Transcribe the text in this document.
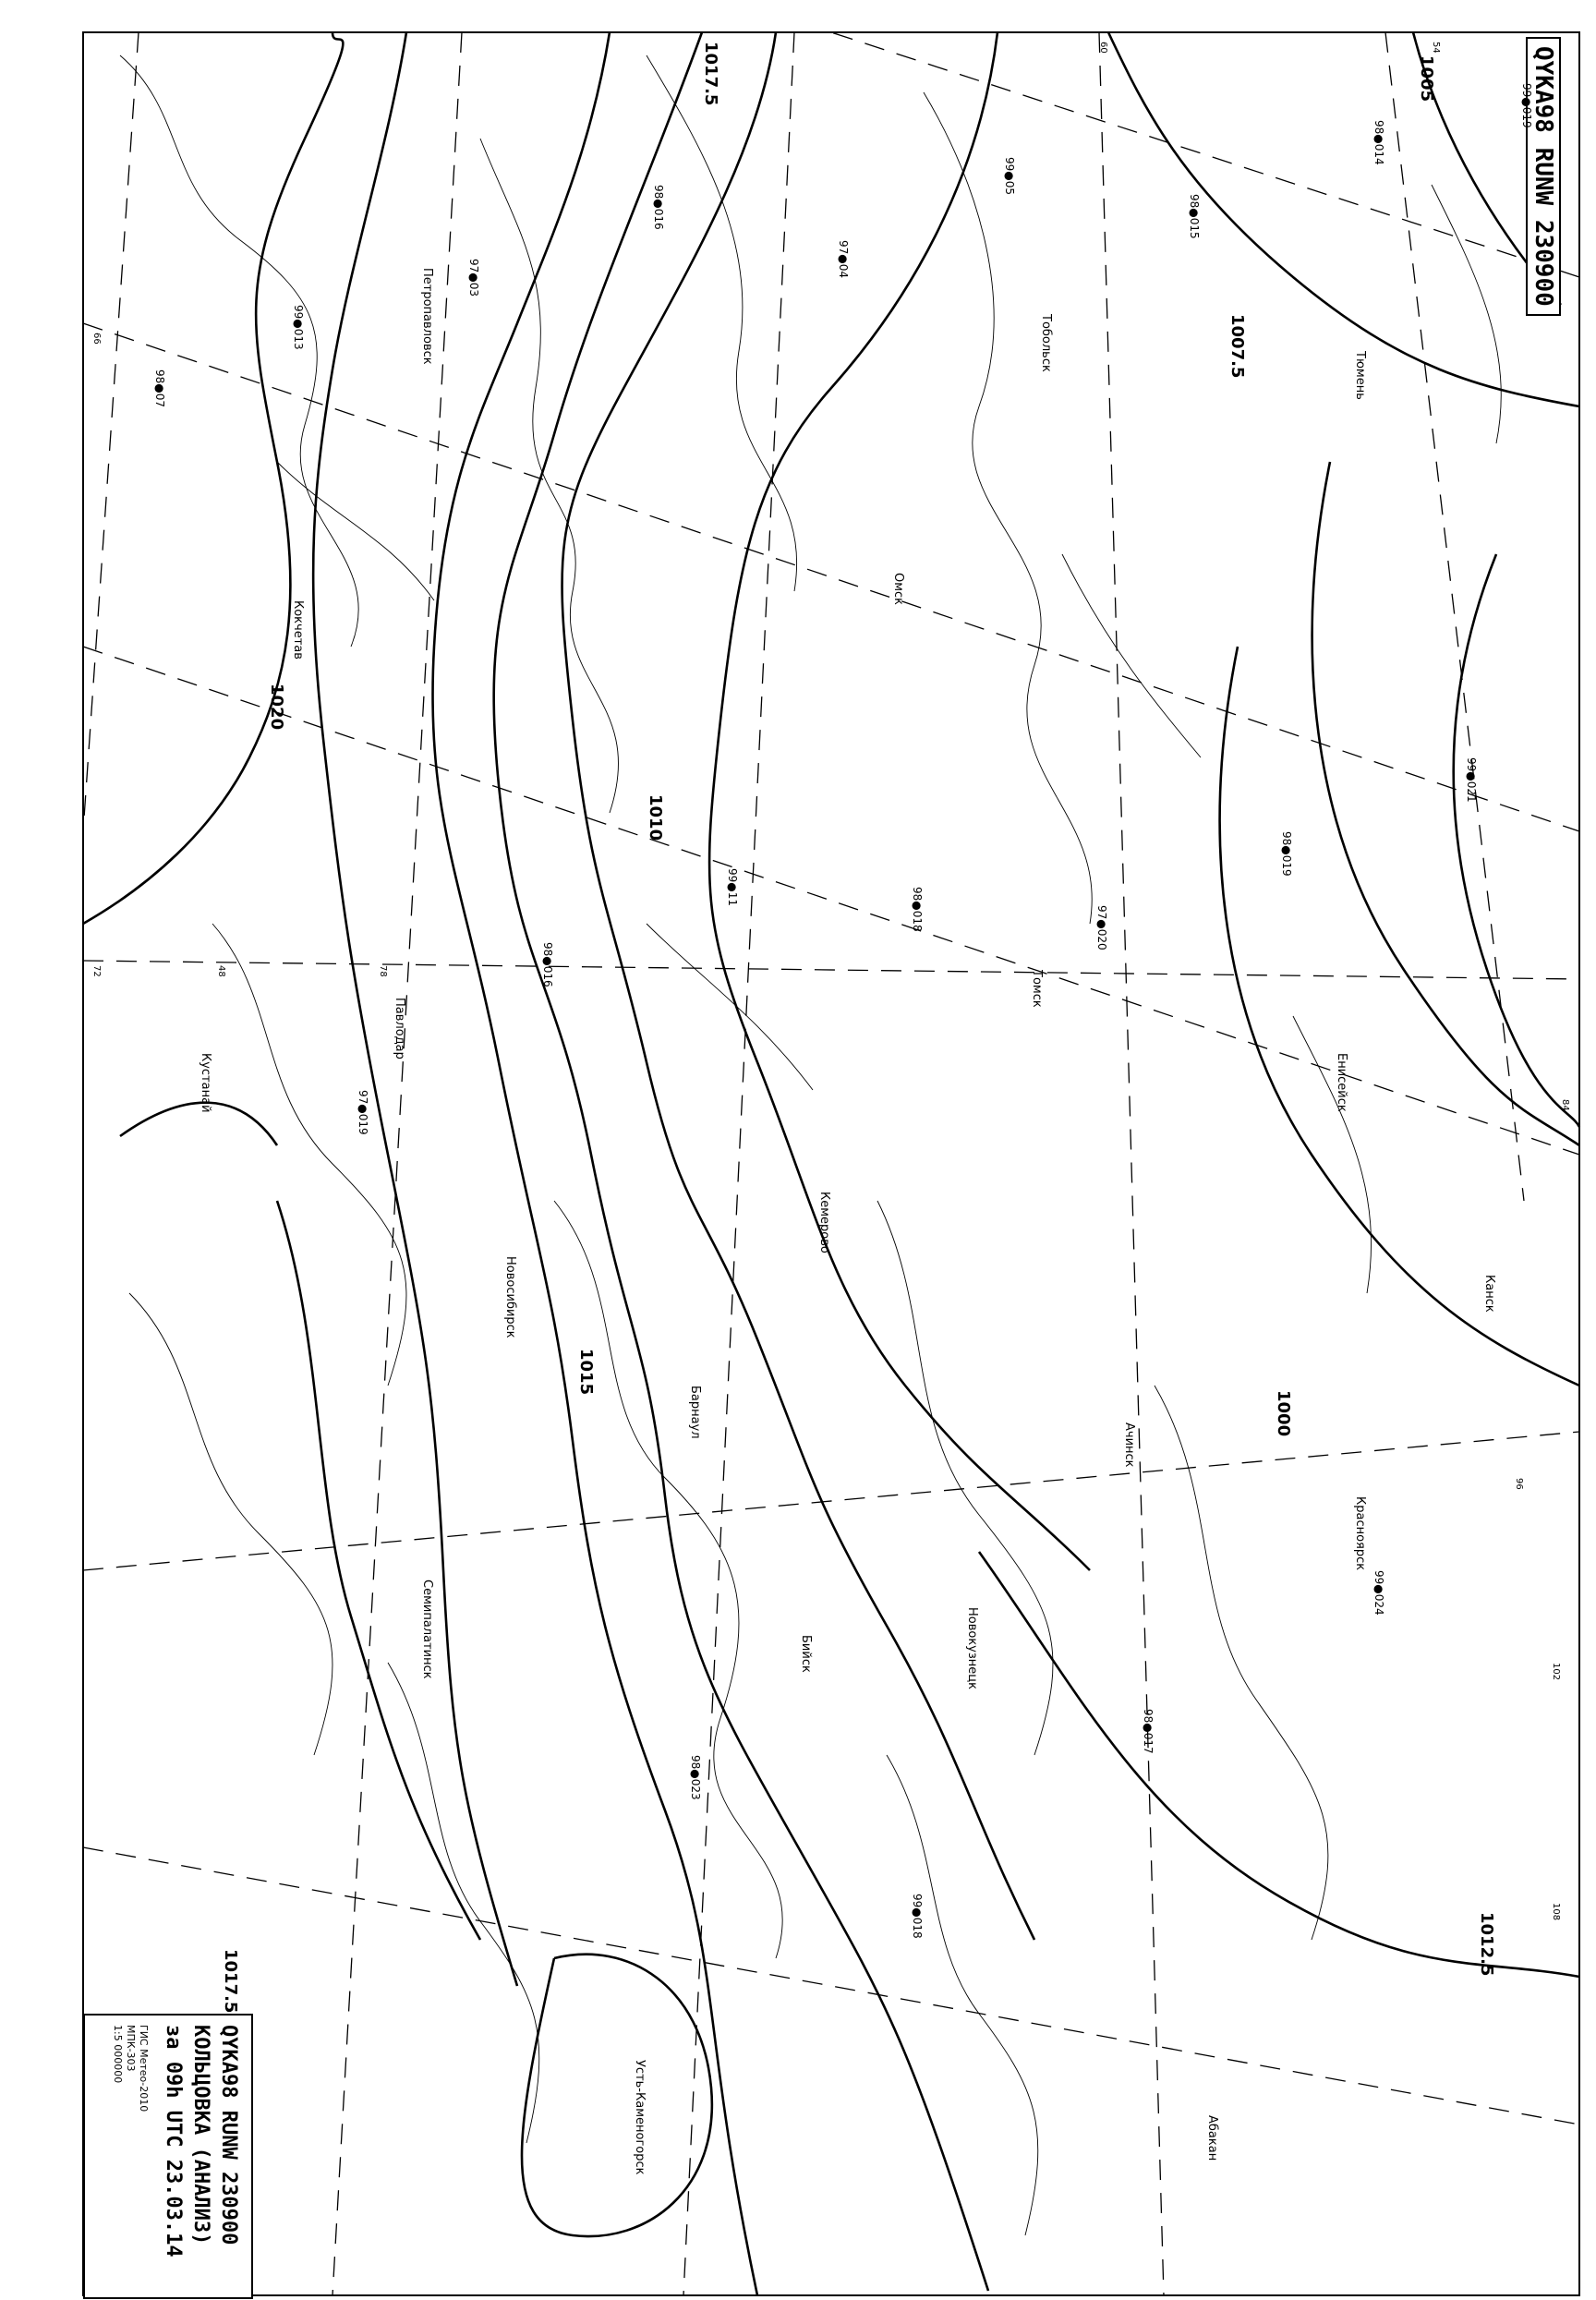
1005
1007.5
1010
1012.5
1015
1017.5
1020
1000
1017.5
QYKA98 RUNW 230900
QYKA98 RUNW 230900
КОЛЬЦОВКА (АНАЛИЗ)
за 09h UTC 23.03.14
ГИС Метео-2010
МПК-303
1:5 000000
Тобольск
Тюмень
Омск
Новосибирск
Барнаул
Павлодар
Семипалатинск
Кокчетав
Кустанай
Петропавловск
Томск
Кемерово
Новокузнецк
Бийск
Абакан
Усть-Каменогорск
Енисейск
Красноярск
Ачинск
Канск
99●019
98●014
98●015
99●05
97●04
98●016
97●03
99●013
98●07
99●021
98●019
97●020
98●018
99●11
98●016
97●019
99●024
98●017
99●018
98●023
48
72	78
84
96
102
108
66
60	54
